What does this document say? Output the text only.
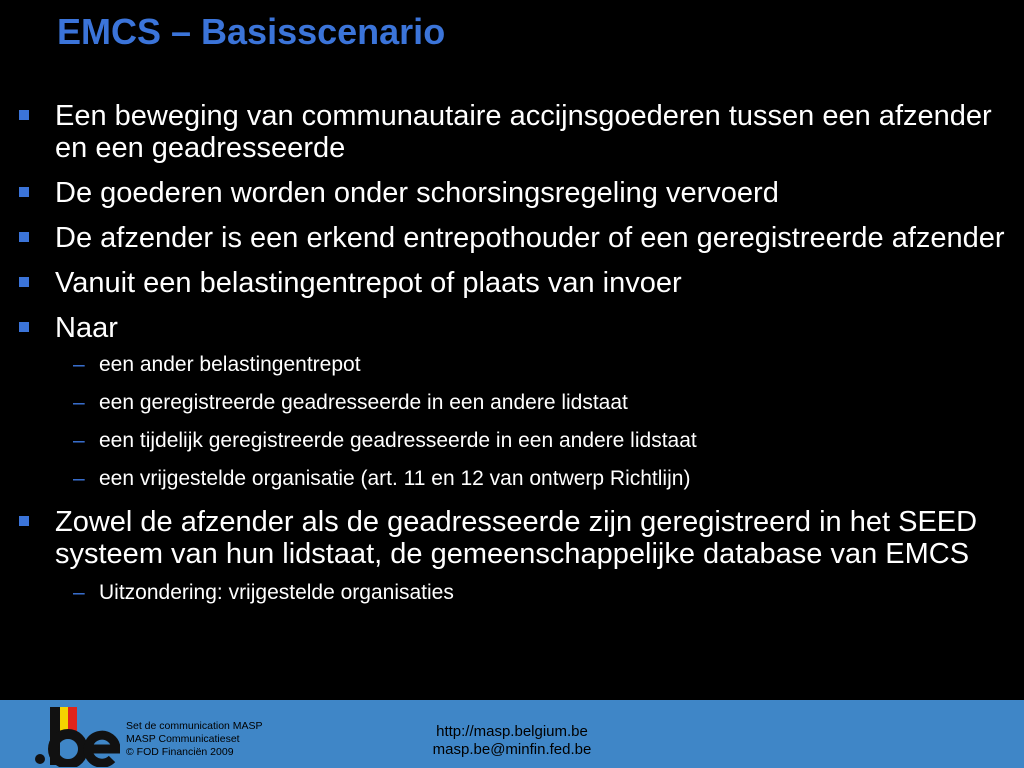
EMCS – Basisscenario
Een beweging van communautaire accijnsgoederen tussen een afzender en een geadresseerde
De goederen worden onder schorsingsregeling vervoerd
De afzender is een erkend entrepothouder of een geregistreerde afzender
Vanuit een belastingentrepot of plaats van invoer
Naar
– een ander belastingentrepot
– een geregistreerde geadresseerde in een andere lidstaat
– een tijdelijk geregistreerde geadresseerde in een andere lidstaat
– een vrijgestelde organisatie (art. 11 en 12 van ontwerp Richtlijn)
Zowel de afzender als de geadresseerde zijn geregistreerd in het SEED systeem van hun lidstaat, de gemeenschappelijke database van EMCS
– Uitzondering: vrijgestelde organisaties
Set de communication MASP
MASP Communicatieset
© FOD Financiën 2009
http://masp.belgium.be
masp.be@minfin.fed.be
